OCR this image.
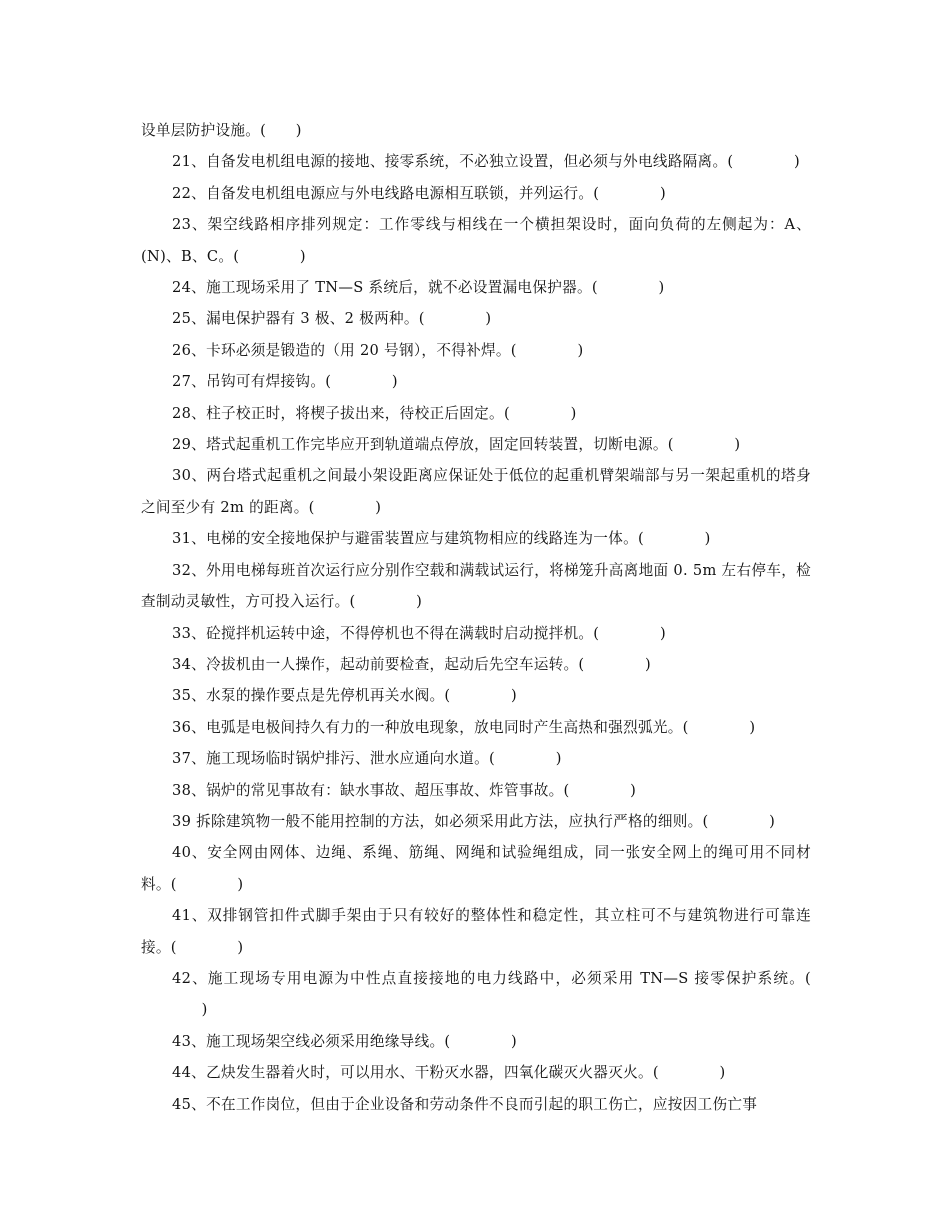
设单层防护设施。( )

21、自备发电机组电源的接地、接零系统，不必独立设置，但必须与外电线路隔离。(	)

22、自备发电机组电源应与外电线路电源相互联锁，并列运行。(	)

23、架空线路相序排列规定：工作零线与相线在一个横担架设时，面向负荷的左侧起为：A、(N)、B、C。(	)

24、施工现场采用了 TN—S 系统后，就不必设置漏电保护器。(	)

25、漏电保护器有 3 极、2 极两种。(	)

26、卡环必须是锻造的（用 20 号钢），不得补焊。(	)

27、吊钩可有焊接钩。(	)

28、柱子校正时，将楔子拔出来，待校正后固定。(	)

29、塔式起重机工作完毕应开到轨道端点停放，固定回转装置，切断电源。(	)

30、两台塔式起重机之间最小架设距离应保证处于低位的起重机臂架端部与另一架起重机的塔身之间至少有 2m 的距离。(	)

31、电梯的安全接地保护与避雷装置应与建筑物相应的线路连为一体。(	)

32、外用电梯每班首次运行应分别作空载和满载试运行，将梯笼升高离地面 0. 5m 左右停车，检查制动灵敏性，方可投入运行。(	)

33、砼搅拌机运转中途，不得停机也不得在满载时启动搅拌机。(	)

34、冷拔机由一人操作，起动前要检查，起动后先空车运转。(	)

35、水泵的操作要点是先停机再关水阀。(	)

36、电弧是电极间持久有力的一种放电现象，放电同时产生高热和强烈弧光。(	)

37、施工现场临时锅炉排污、泄水应通向水道。(	)

38、锅炉的常见事故有：缺水事故、超压事故、炸管事故。(	)

39 拆除建筑物一般不能用控制的方法，如必须采用此方法，应执行严格的细则。(	)

40、安全网由网体、边绳、系绳、筋绳、网绳和试验绳组成，同一张安全网上的绳可用不同材料。(	)

41、双排钢管扣件式脚手架由于只有较好的整体性和稳定性，其立柱可不与建筑物进行可靠连接。(	)

42、施工现场专用电源为中性点直接接地的电力线路中，必须采用 TN—S 接零保护系统。(      )

43、施工现场架空线必须采用绝缘导线。(	)

44、乙炔发生器着火时，可以用水、干粉灭水器，四氧化碳灭火器灭火。(	)

45、不在工作岗位，但由于企业设备和劳动条件不良而引起的职工伤亡，应按因工伤亡事
